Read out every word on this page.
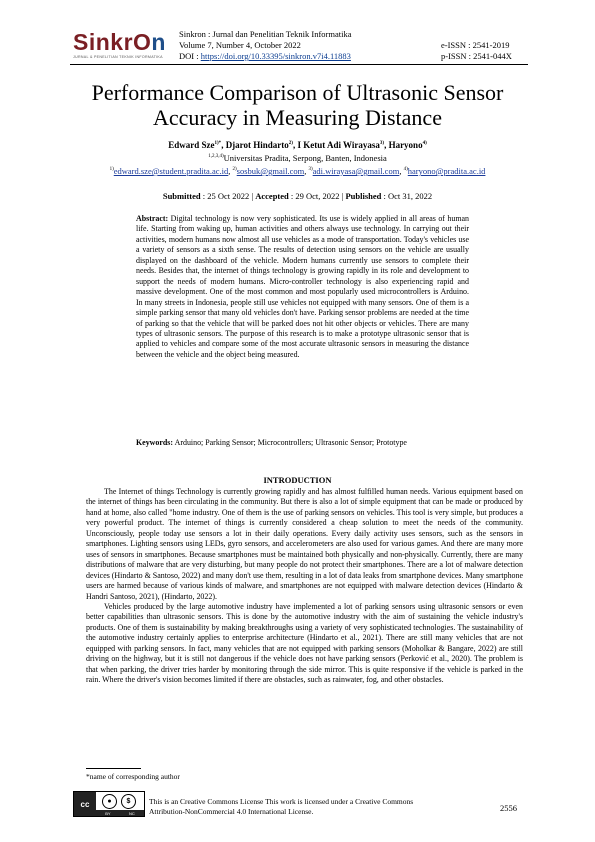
SinkrOn
JURNAL & PENELITIAN TEKNIK INFORMATIKA
Sinkron : Jurnal dan Penelitian Teknik Informatika
Volume 7, Number 4, October 2022
DOI : https://doi.org/10.33395/sinkron.v7i4.11883
e-ISSN : 2541-2019
p-ISSN : 2541-044X
Performance Comparison of Ultrasonic Sensor
Accuracy in Measuring Distance
Edward Sze$^{1)*}$, Djarot Hindarto$^{2)}$, I Ketut Adi Wirayasa$^{3)}$, Haryono$^{4)}$
$^{1,2,3,4)}$Universitas Pradita, Serpong, Banten, Indonesia
$^{1)}$edward.sze@student.pradita.ac.id, $^{2)}$sosbuk@gmail.com, $^{3)}$adi.wirayasa@gmail.com, $^{4)}$haryono@pradita.ac.id
Submitted : 25 Oct 2022 | Accepted : 29 Oct, 2022 | Published : Oct 31, 2022
Abstract: Digital technology is now very sophisticated. Its use is widely applied in all areas of human life. Starting from waking up, human activities and others always use technology. In carrying out their activities, modern humans now almost all use vehicles as a mode of transportation. Today's vehicles use a variety of sensors as a sixth sense. The results of detection using sensors on the vehicle are usually displayed on the dashboard of the vehicle. Modern humans currently use sensors to complete their needs. Besides that, the internet of things technology is growing rapidly in its role and development to support the needs of modern humans. Micro-controller technology is also experiencing rapid and massive development. One of the most common and most popularly used microcontrollers is Arduino. In many streets in Indonesia, people still use vehicles not equipped with many sensors. One of them is a simple parking sensor that many old vehicles don't have. Parking sensor problems are needed at the time of parking so that the vehicle that will be parked does not hit other objects or vehicles. There are many types of ultrasonic sensors. The purpose of this research is to make a prototype ultrasonic sensor that is applied to vehicles and compare some of the most accurate ultrasonic sensors in measuring the distance between the vehicle and the object being measured.
Keywords: Arduino; Parking Sensor; Microcontrollers; Ultrasonic Sensor; Prototype
INTRODUCTION

The Internet of things Technology is currently growing rapidly and has almost fulfilled human needs. Various equipment based on the internet of things has been circulating in the community. But there is also a lot of simple equipment that can be made or produced by hand at home, also called "home industry. One of them is the use of parking sensors on vehicles. This tool is very simple, but produces a very powerful product. The internet of things is currently considered a cheap solution to meet the needs of the community. Unconsciously, people today use sensors a lot in their daily operations. Every daily activity uses sensors, such as the sensors in smartphones. Lighting sensors using LEDs, gyro sensors, and accelerometers are also used for various games. And there are many more uses of sensors in smartphones. Because smartphones must be maintained both physically and non-physically. Currently, there are many distributions of malware that are very disturbing, but many people do not protect their smartphones. There are a lot of malware detection devices (Hindarto & Santoso, 2022) and many don't use them, resulting in a lot of data leaks from smartphone devices. Many smartphone users are harmed because of various kinds of malware, and smartphones are not equipped with malware detection devices (Hindarto & Handri Santoso, 2021), (Hindarto, 2022).

Vehicles produced by the large automotive industry have implemented a lot of parking sensors using ultrasonic sensors or even better capabilities than ultrasonic sensors. This is done by the automotive industry with the aim of sustaining the vehicle industry's products. One of them is sustainability by making breakthroughs using a variety of very sophisticated technologies. The sustainability of the automotive industry certainly applies to enterprise architecture (Hindarto et al., 2021). There are still many vehicles that are not equipped with parking sensors. In fact, many vehicles that are not equipped with parking sensors (Moholkar & Bangare, 2022) are still driving on the highway, but it is still not dangerous if the vehicle does not have parking sensors (Perković et al., 2020). The problem is that when parking, the driver tries harder by monitoring through the side mirror. This is quite responsive if the vehicle is parked in the rain. Where the driver's vision becomes limited if there are obstacles, such as rainwater, fog, and other obstacles.

*name of corresponding author
cc	●	$
BY	NC
This is an Creative Commons License This work is licensed under a Creative Commons Attribution-NonCommercial 4.0 International License.	2556
